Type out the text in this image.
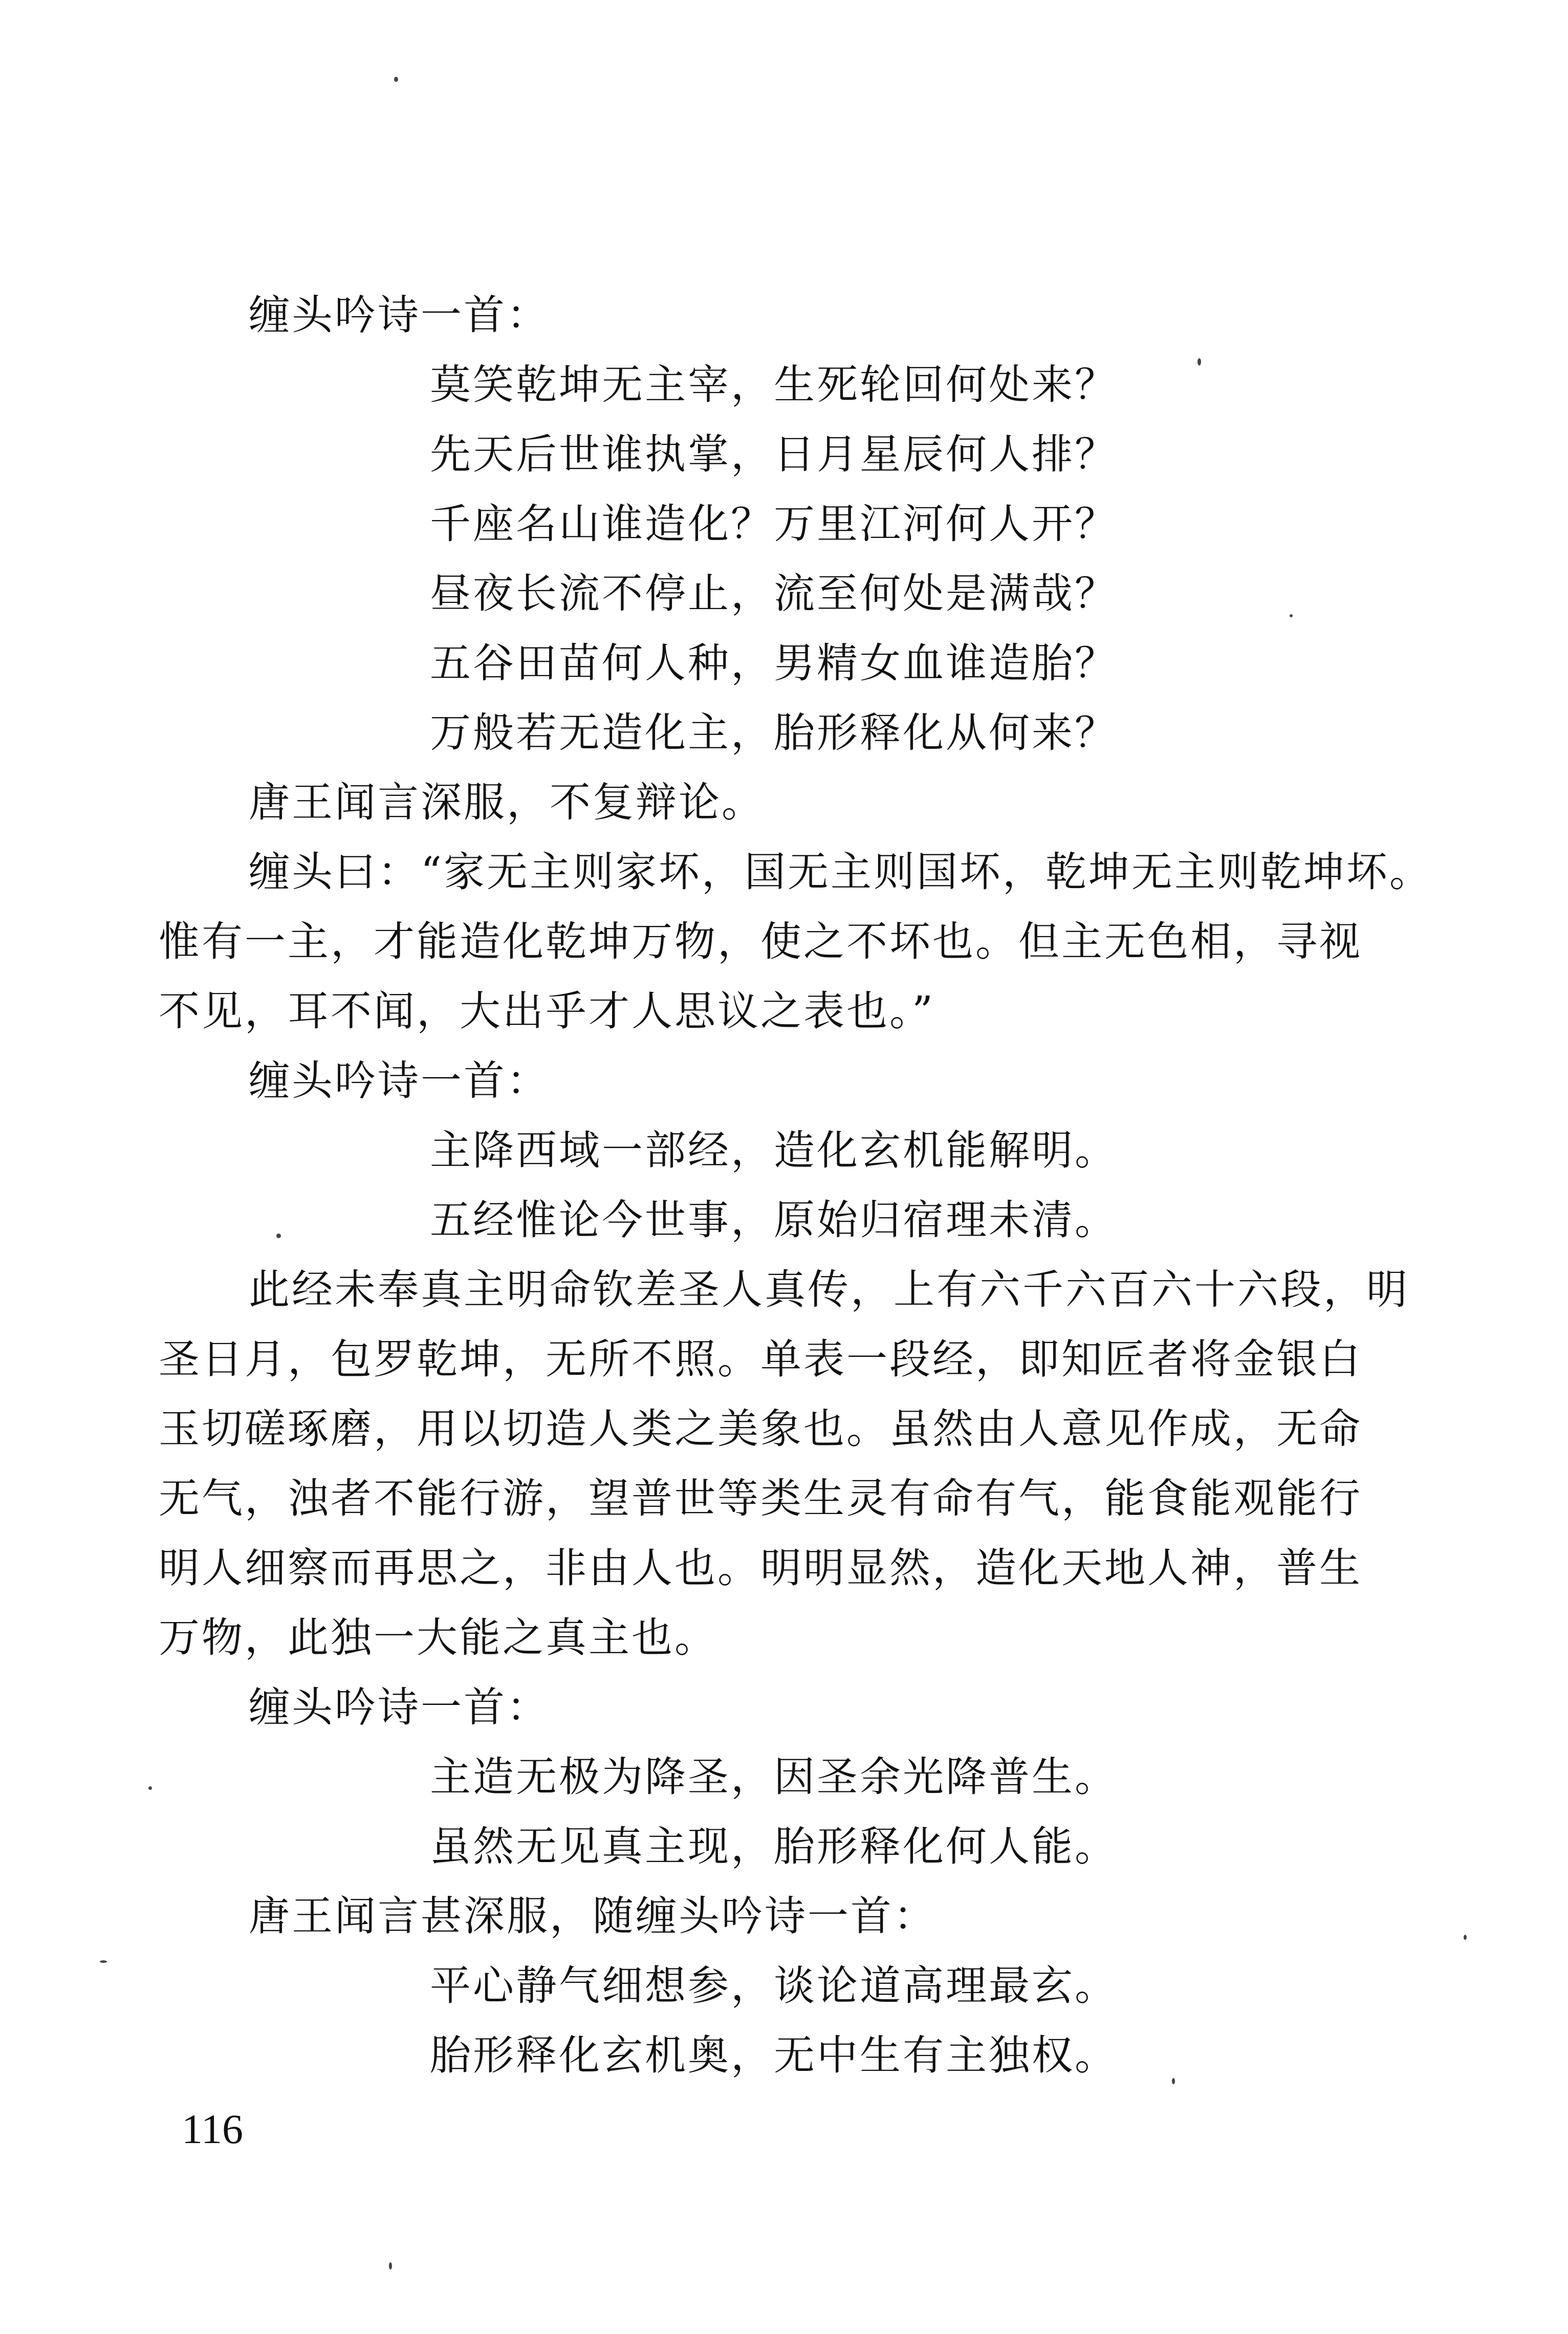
缠头吟诗一首：
莫笑乾坤无主宰，生死轮回何处来？
先天后世谁执掌，日月星辰何人排？
千座名山谁造化？万里江河何人开？
昼夜长流不停止，流至何处是满哉？
五谷田苗何人种，男精女血谁造胎？
万般若无造化主，胎形释化从何来？
唐王闻言深服，不复辩论。
缠头曰：“家无主则家坏，国无主则国坏，乾坤无主则乾坤坏。
惟有一主，才能造化乾坤万物，使之不坏也。但主无色相，寻视
不见，耳不闻，大出乎才人思议之表也。”
缠头吟诗一首：
主降西域一部经，造化玄机能解明。
五经惟论今世事，原始归宿理未清。
此经未奉真主明命钦差圣人真传，上有六千六百六十六段，明
圣日月，包罗乾坤，无所不照。单表一段经，即知匠者将金银白
玉切磋琢磨，用以切造人类之美象也。虽然由人意见作成，无命
无气，浊者不能行游，望普世等类生灵有命有气，能食能观能行
明人细察而再思之，非由人也。明明显然，造化天地人神，普生
万物，此独一大能之真主也。
缠头吟诗一首：
主造无极为降圣，因圣余光降普生。
虽然无见真主现，胎形释化何人能。
唐王闻言甚深服，随缠头吟诗一首：
平心静气细想参，谈论道高理最玄。
胎形释化玄机奥，无中生有主独权。
116
